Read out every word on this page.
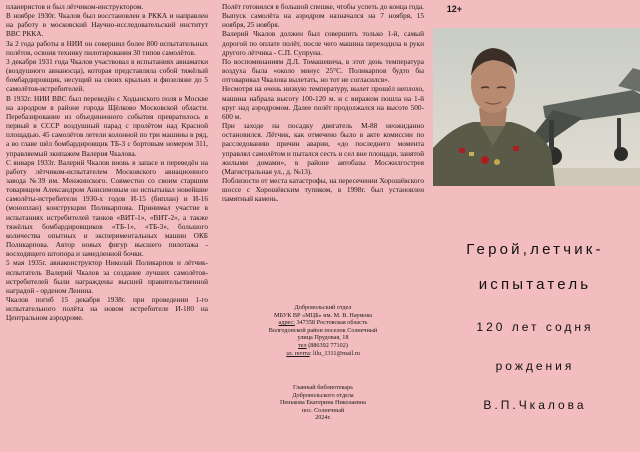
планеристов и был лётчиком-инструктором.

В ноябре 1930г. Чкалов был восстановлен в РККА и направлен на работу в московский Научно-исследовательский институт ВВС РККА.

За 2 года работы в НИИ он совершил более 800 испытательных полётов, освоив технику пилотирования 30 типов самолётов.

3 декабря 1931 года Чкалов участвовал в испытаниях авиаматки (воздушного авианосца), которая представляла собой тяжёлый бомбардировщик, несущий на своих крыльях и фюзеляже до 5 самолётов-истребителей.

В 1932г. НИИ ВВС был переведён с Ходынского поля в Москве на аэродром в районе города Щёлково Московской области. Перебазирование из объединенного события превратилось в первый в СССР воздушный парад с пролётом над Красной площадью. 45 самолётов летели колонной по три машины в ряд, а во главе шёл бомбардировщик ТБ-3 с бортовым номером 311, управляемый экипажем Валерия Чкалова.

С января 1933г. Валерий Чкалов вновь в запасе и переведён на работу лётчиком-испытателем Московского авиационного завода №39 им. Менжинского. Совместно со своим старшим товарищем Александром Анисимовым он испытывал новейшие самолёты-истребители 1930-х годов И-15 (биплан) и И-16 (моноплан) конструкции Поликарпова. Принимал участие в испытаниях истребителей танков «ВИТ-1», «ВИТ-2», а также тяжёлых бомбардировщиков «ТБ-1», «ТБ-3», большого количества опытных и экспериментальных машин ОКБ Поликарпова. Автор новых фигур высшего пилотажа - восходящего штопора и замедленной бочки.

5 мая 1935г. авиаконструктор Николай Поликарпов и лётчик-испытатель Валерий Чкалов за создание лучших самолётов-истребителей были награждены высшей правительственной наградой - орденом Ленина.

Чкалов погиб 15 декабря 1938г. при проведении 1-го испытательного полёта на новом истребителе И-180 на Центральном аэродроме.

Полёт готовился в большой спешке, чтобы успеть до конца года. Выпуск самолёта на аэродром назначался на 7 ноября, 15 ноября, 25 ноября.

Валерий Чкалов должен был совершить только 1-й, самый дорогой по оплате полёт, после чего машина переходила в руки другого лётчика - С.П. Супруна.

По воспоминаниям Д.Л. Томашевича, в этот день температура воздуха была «около минус 25°С. Поликарпов будто бы отговаривал Чкалова вылетать, но тот не согласился».

Несмотря на очень низкую температуру, вылет прошёл неплохо, машина набрала высоту 100-120 м. и с виражом пошла на 1-й круг над аэродромом. Далее полёт продолжался на высоте 500-600 м.

При заходе на посадку двигатель М-88 неожиданно остановился. Лётчик, как отмечено было в акте комиссии по расследованию причин аварии, «до последнего момента управлял самолётом и пытался сесть и сел вне площади, занятой жилыми домами», в районе автобазы Мосжилгострея (Магистральная ул., д. №13).

Поблизости от места катастрофы, на пересечении Хорошёвского шоссе с Хорошёвским тупиком, в 1998г. был установлен памятный камень.

Добровольский отдел
МБУК ВР «МЦБ» им. М. В. Наумова
адрес: 347358 Ростовская область
Волгодонской район поселок Солнечный
улица Прудовая, 18
тел (886392 77102)
эл. почта: lilu_1311@mail.ru
Главный библиотекарь
Добровольского отдела
Пенькова Екатерина Николаевна
пос. Солнечный
2024г.
12+
Герой,летчик-
испытатель
120 лет содня
рождения
В.П.Чкалова
